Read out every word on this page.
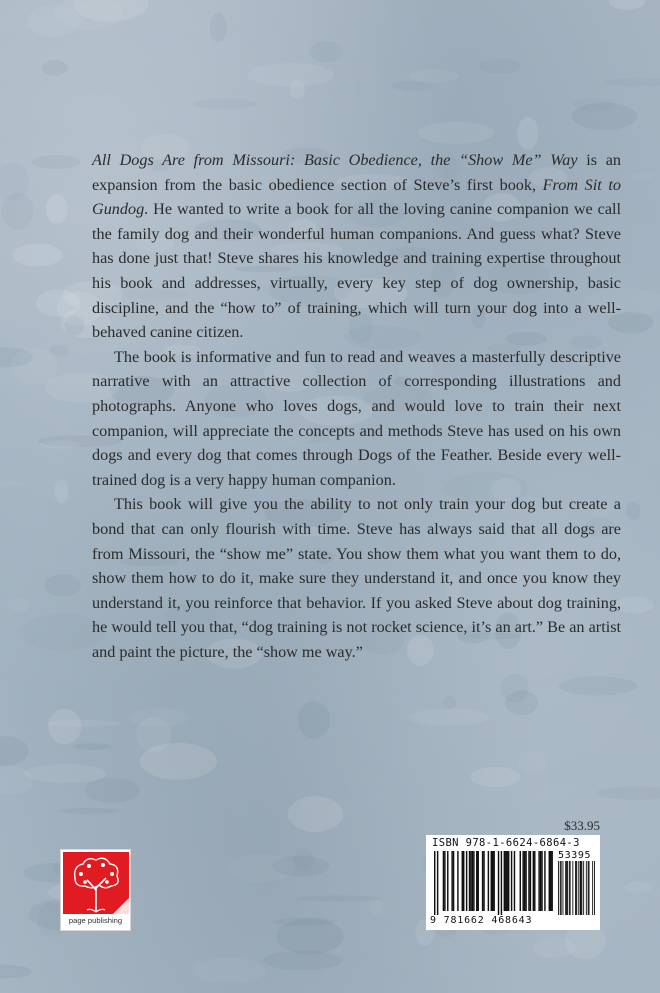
All Dogs Are from Missouri: Basic Obedience, the “Show Me” Way is an expansion from the basic obedience section of Steve’s first book, From Sit to Gundog. He wanted to write a book for all the loving canine companion we call the family dog and their wonderful human companions. And guess what? Steve has done just that! Steve shares his knowledge and training expertise throughout his book and addresses, virtually, every key step of dog ownership, basic discipline, and the “how to” of training, which will turn your dog into a well-behaved canine citizen.

The book is informative and fun to read and weaves a masterfully descriptive narrative with an attractive collection of corresponding illustrations and photographs. Anyone who loves dogs, and would love to train their next companion, will appreciate the concepts and methods Steve has used on his own dogs and every dog that comes through Dogs of the Feather. Beside every well-trained dog is a very happy human companion.

This book will give you the ability to not only train your dog but create a bond that can only flourish with time. Steve has always said that all dogs are from Missouri, the “show me” state. You show them what you want them to do, show them how to do it, make sure they understand it, and once you know they understand it, you reinforce that behavior. If you asked Steve about dog training, he would tell you that, “dog training is not rocket science, it’s an art.” Be an artist and paint the picture, the “show me way.”

$33.95
ISBN 978-1-6624-6864-3
53395
9 781662 468643
page publishing
